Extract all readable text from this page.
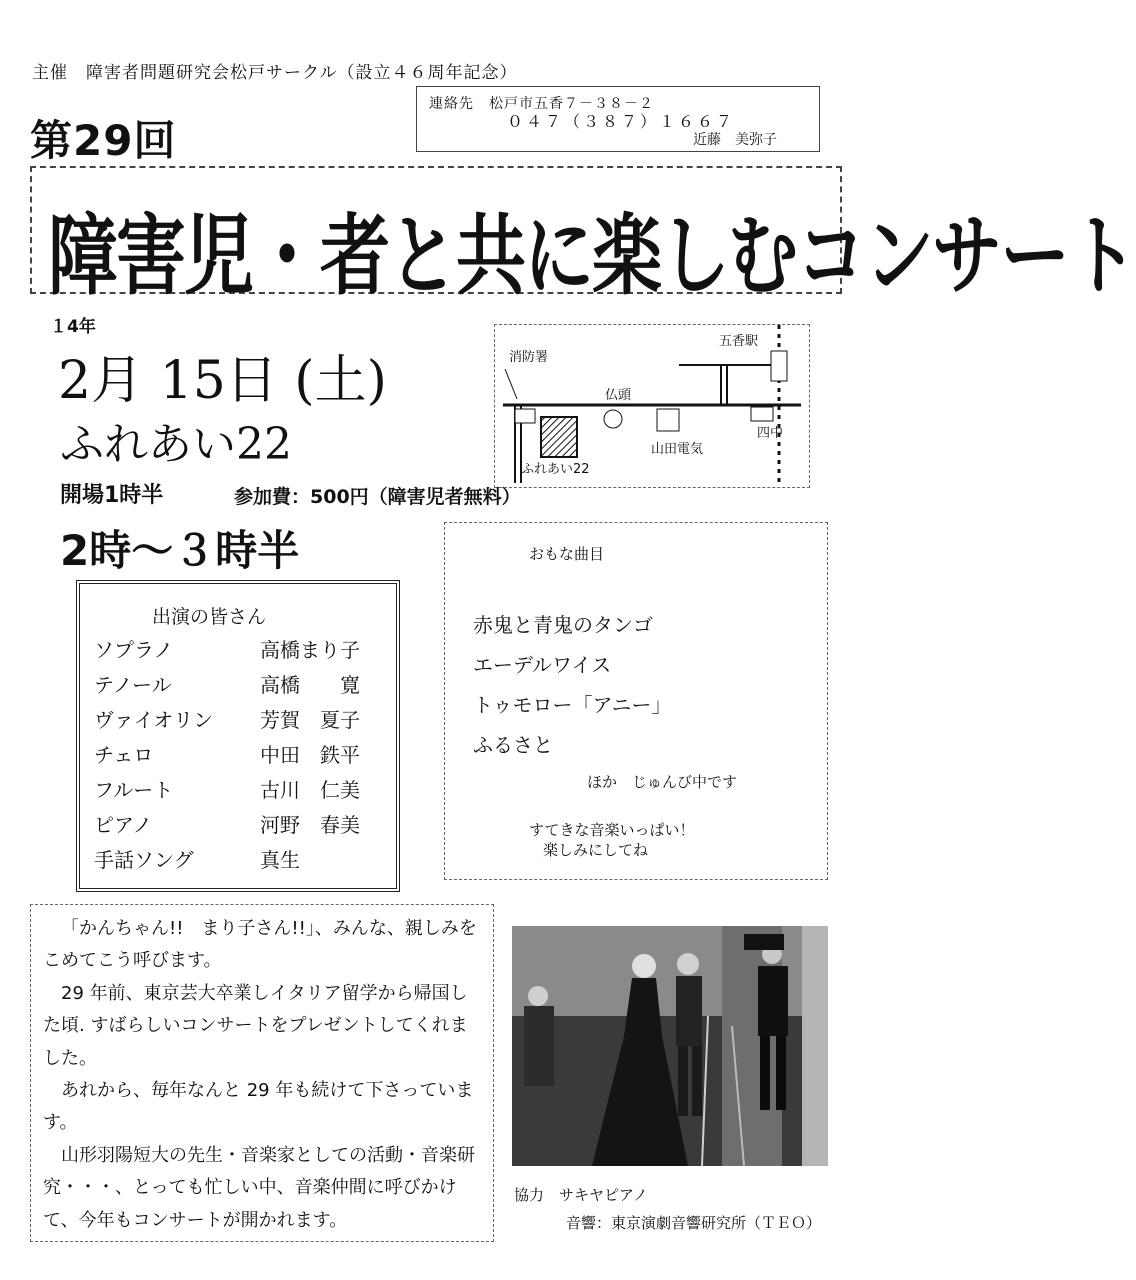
主催　障害者問題研究会松戸サークル（設立４６周年記念）
連絡先　松戸市五香７－３８－２
０４７（３８７）１６６７
近藤　美弥子
第29回
障害児・者と共に楽しむコンサート
１4年
2月 15日 (土)
ふれあい22
開場1時半	参加費：500円（障害児者無料）
2時～３時半
五香駅
消防署
仏頭
ふれあい22
山田電気
四中
出演の皆さん
ソプラノ	高橋まり子
テノール	高橋　　寛
ヴァイオリン 芳賀　夏子
チェロ	中田　鉄平
フルート	古川　仁美
ピアノ	河野　春美
手話ソング	真生
おもな曲目
赤鬼と青鬼のタンゴ
エーデルワイス
トゥモロー「アニー」
ふるさと
ほか　じゅんび中です
すてきな音楽いっぱい！
楽しみにしてね

「かんちゃん!!　まり子さん!!」、みんな、親しみをこめてこう呼びます。

29 年前、東京芸大卒業しイタリア留学から帰国した頃. すばらしいコンサートをプレゼントしてくれました。

あれから、毎年なんと 29 年も続けて下さっています。

山形羽陽短大の先生・音楽家としての活動・音楽研究・・・、とっても忙しい中、音楽仲間に呼びかけて、今年もコンサートが開かれます。

協力　サキヤピアノ
音響：東京演劇音響研究所（ＴＥＯ）
